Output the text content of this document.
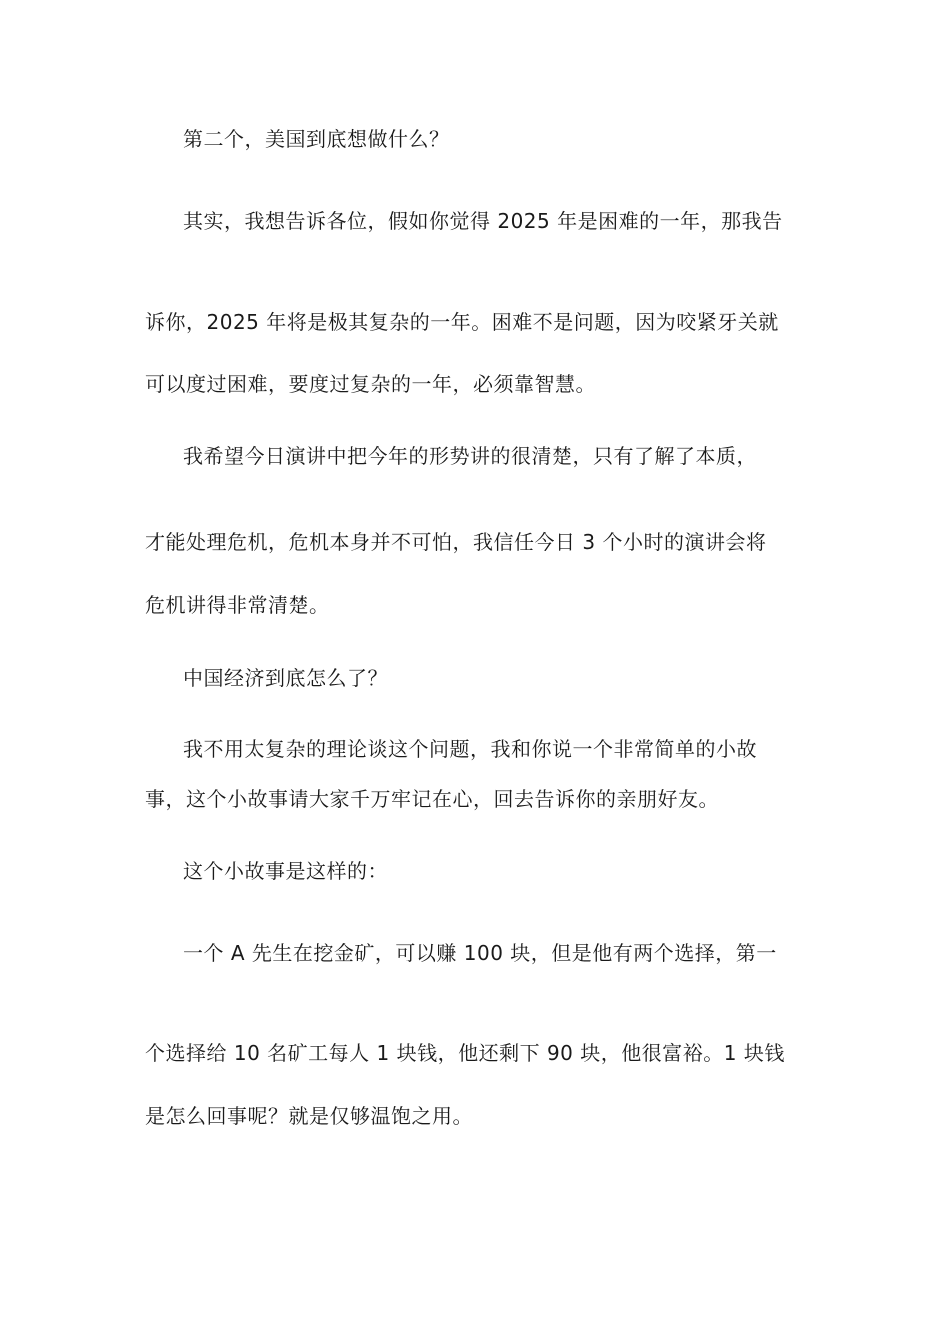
第二个，美国到底想做什么？
其实，我想告诉各位，假如你觉得 2025 年是困难的一年，那我告
诉你，2025 年将是极其复杂的一年。困难不是问题，因为咬紧牙关就
可以度过困难，要度过复杂的一年，必须靠智慧。
我希望今日演讲中把今年的形势讲的很清楚，只有了解了本质，
才能处理危机，危机本身并不可怕，我信任今日 3 个小时的演讲会将
危机讲得非常清楚。
中国经济到底怎么了？
我不用太复杂的理论谈这个问题，我和你说一个非常简单的小故
事，这个小故事请大家千万牢记在心，回去告诉你的亲朋好友。
这个小故事是这样的：
一个 A 先生在挖金矿，可以赚 100 块，但是他有两个选择，第一
个选择给 10 名矿工每人 1 块钱，他还剩下 90 块，他很富裕。1 块钱
是怎么回事呢？就是仅够温饱之用。
